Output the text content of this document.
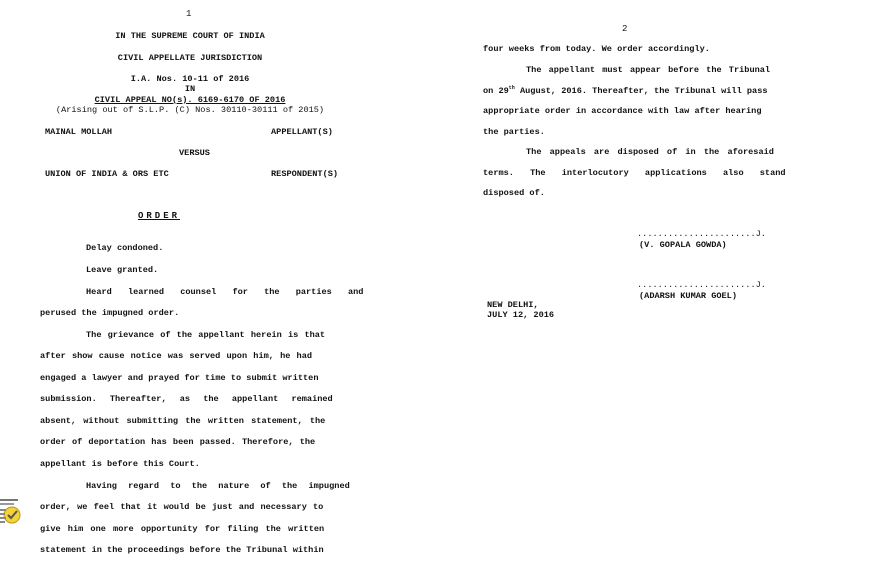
1
IN THE SUPREME COURT OF INDIA
CIVIL APPELLATE JURISDICTION
I.A. Nos. 10-11 of 2016
IN
CIVIL APPEAL NO(s). 6169-6170 OF 2016
(Arising out of S.L.P. (C) Nos. 30110-30111 of 2015)
MAINAL MOLLAH	APPELLANT(S)
VERSUS
UNION OF INDIA & ORS ETC	RESPONDENT(S)
ORDER
Delay condoned.
Leave granted.
Heard learned counsel for the parties and
perused the impugned order.
The grievance of the appellant herein is that
after show cause notice was served upon him, he had
engaged a lawyer and prayed for time to submit written
submission. Thereafter, as the appellant remained
absent, without submitting the written statement, the
order of deportation has been passed. Therefore, the
appellant is before this Court.
Having regard to the nature of the impugned
order, we feel that it would be just and necessary to
give him one more opportunity for filing the written
statement in the proceedings before the Tribunal within
2
four weeks from today. We order accordingly.
The appellant must appear before the Tribunal
on 29th August, 2016. Thereafter, the Tribunal will pass
appropriate order in accordance with law after hearing
the parties.
The appeals are disposed of in the aforesaid
terms. The interlocutory applications also stand
disposed of.
.......................J.
(V. GOPALA GOWDA)
.......................J.
(ADARSH KUMAR GOEL)
NEW DELHI,
JULY 12, 2016
